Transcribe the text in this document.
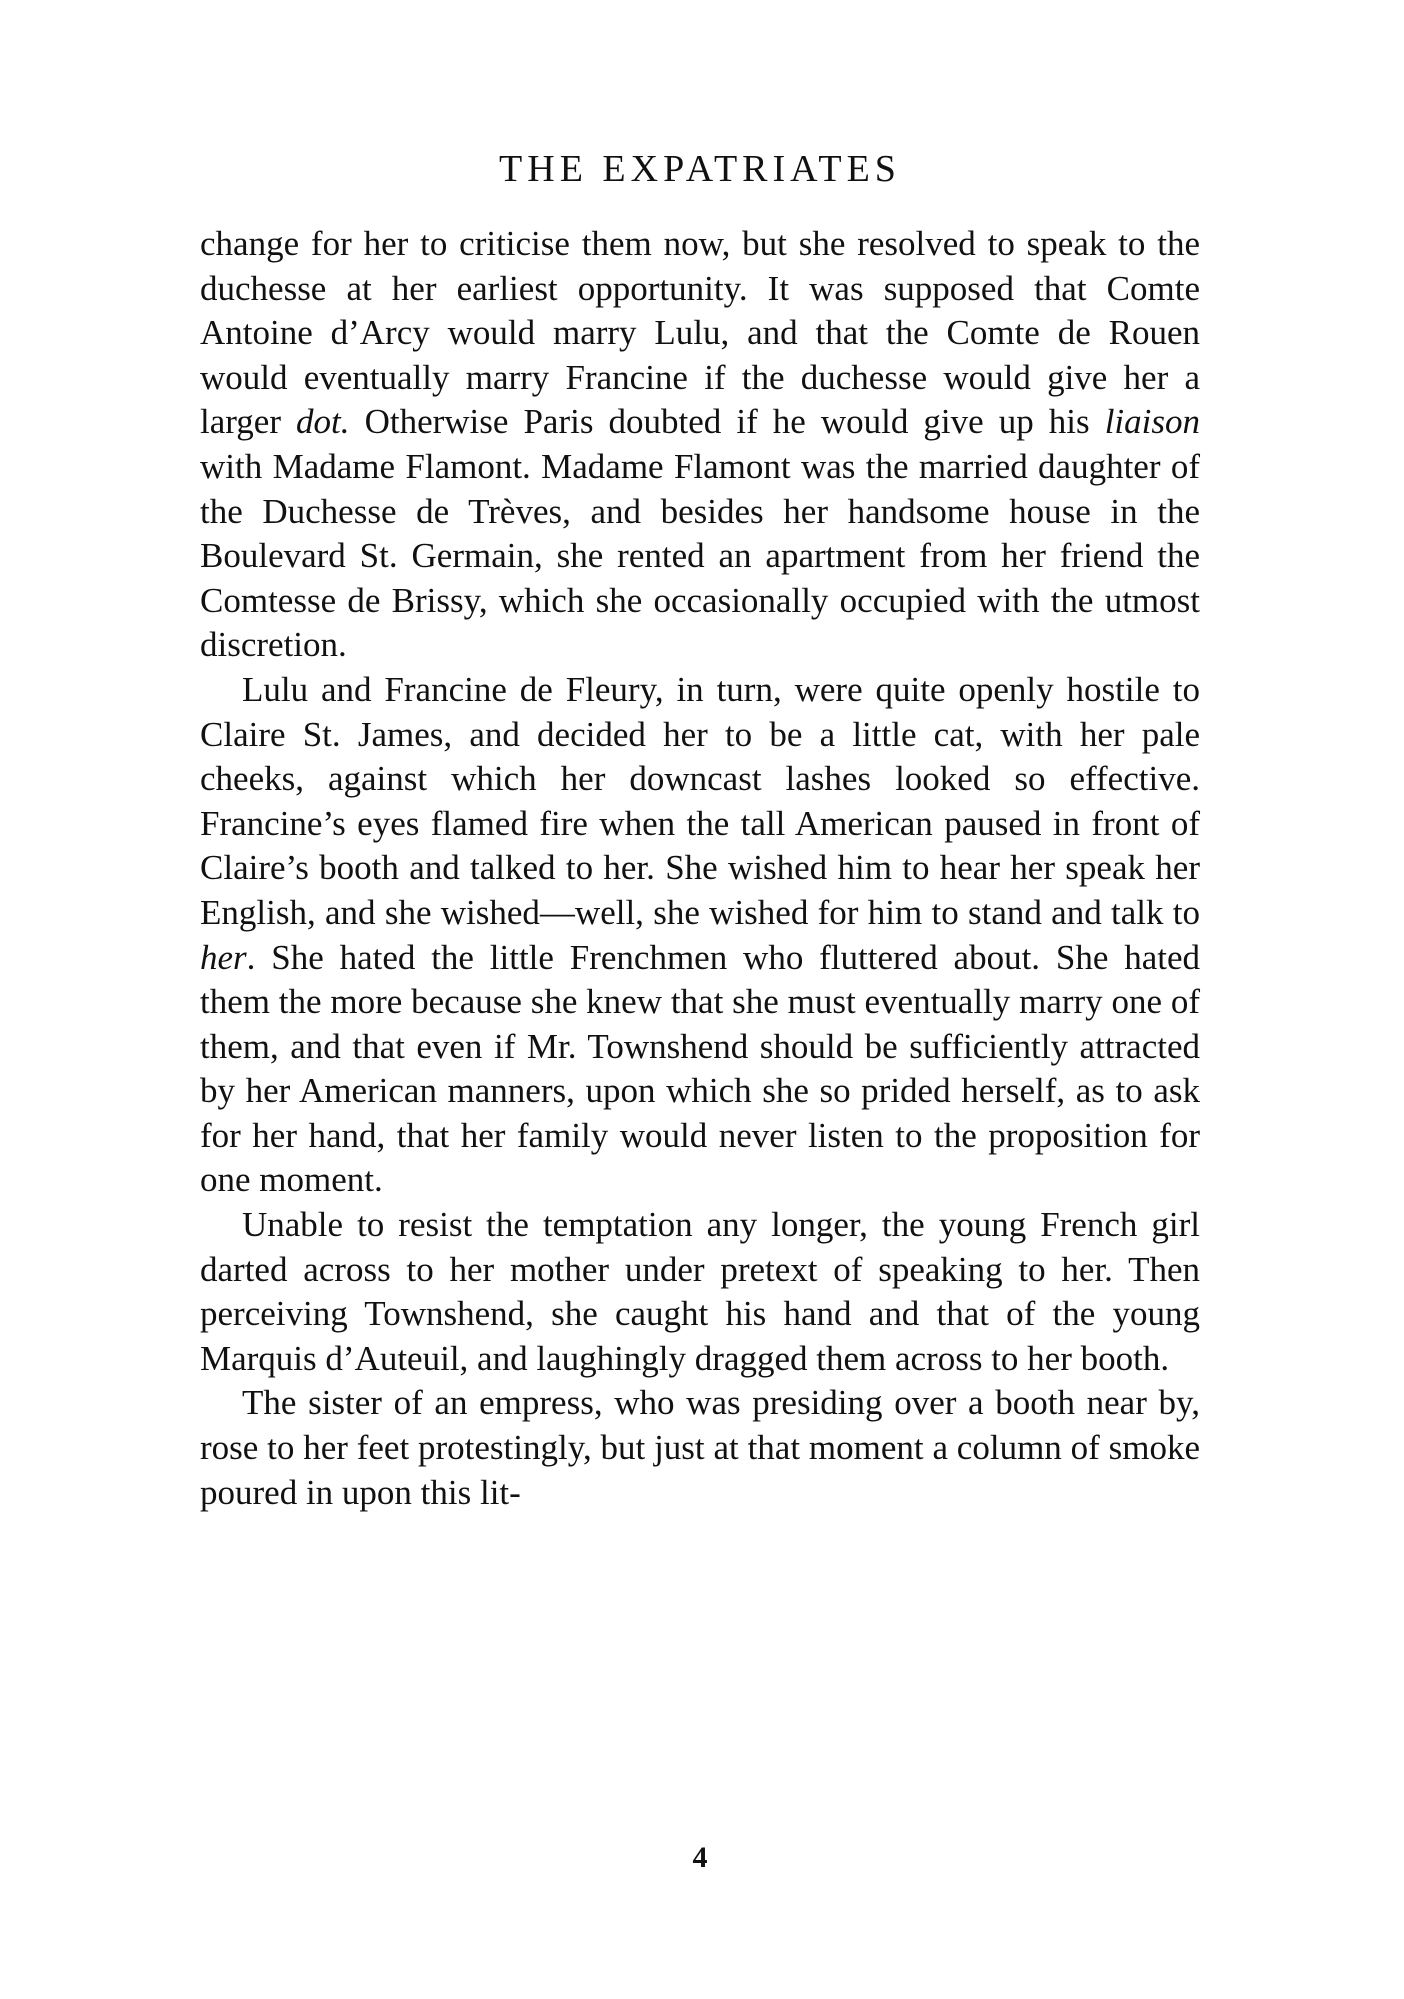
THE EXPATRIATES

change for her to criticise them now, but she resolved to speak to the duchesse at her earliest opportunity. It was supposed that Comte Antoine d’Arcy would marry Lulu, and that the Comte de Rouen would eventually marry Francine if the duchesse would give her a larger dot. Otherwise Paris doubted if he would give up his liaison with Madame Flamont. Madame Flamont was the married daughter of the Duchesse de Trèves, and besides her handsome house in the Boulevard St. Germain, she rented an apartment from her friend the Comtesse de Brissy, which she occasionally occupied with the utmost discretion.

Lulu and Francine de Fleury, in turn, were quite openly hostile to Claire St. James, and decided her to be a little cat, with her pale cheeks, against which her downcast lashes looked so effective. Francine’s eyes flamed fire when the tall American paused in front of Claire’s booth and talked to her. She wished him to hear her speak her English, and she wished—well, she wished for him to stand and talk to her. She hated the little Frenchmen who fluttered about. She hated them the more because she knew that she must eventually marry one of them, and that even if Mr. Townshend should be sufficiently attracted by her American manners, upon which she so prided herself, as to ask for her hand, that her family would never listen to the proposition for one moment.

Unable to resist the temptation any longer, the young French girl darted across to her mother under pretext of speaking to her. Then perceiving Townshend, she caught his hand and that of the young Marquis d’Auteuil, and laughingly dragged them across to her booth.

The sister of an empress, who was presiding over a booth near by, rose to her feet protestingly, but just at that moment a column of smoke poured in upon this lit-

4
